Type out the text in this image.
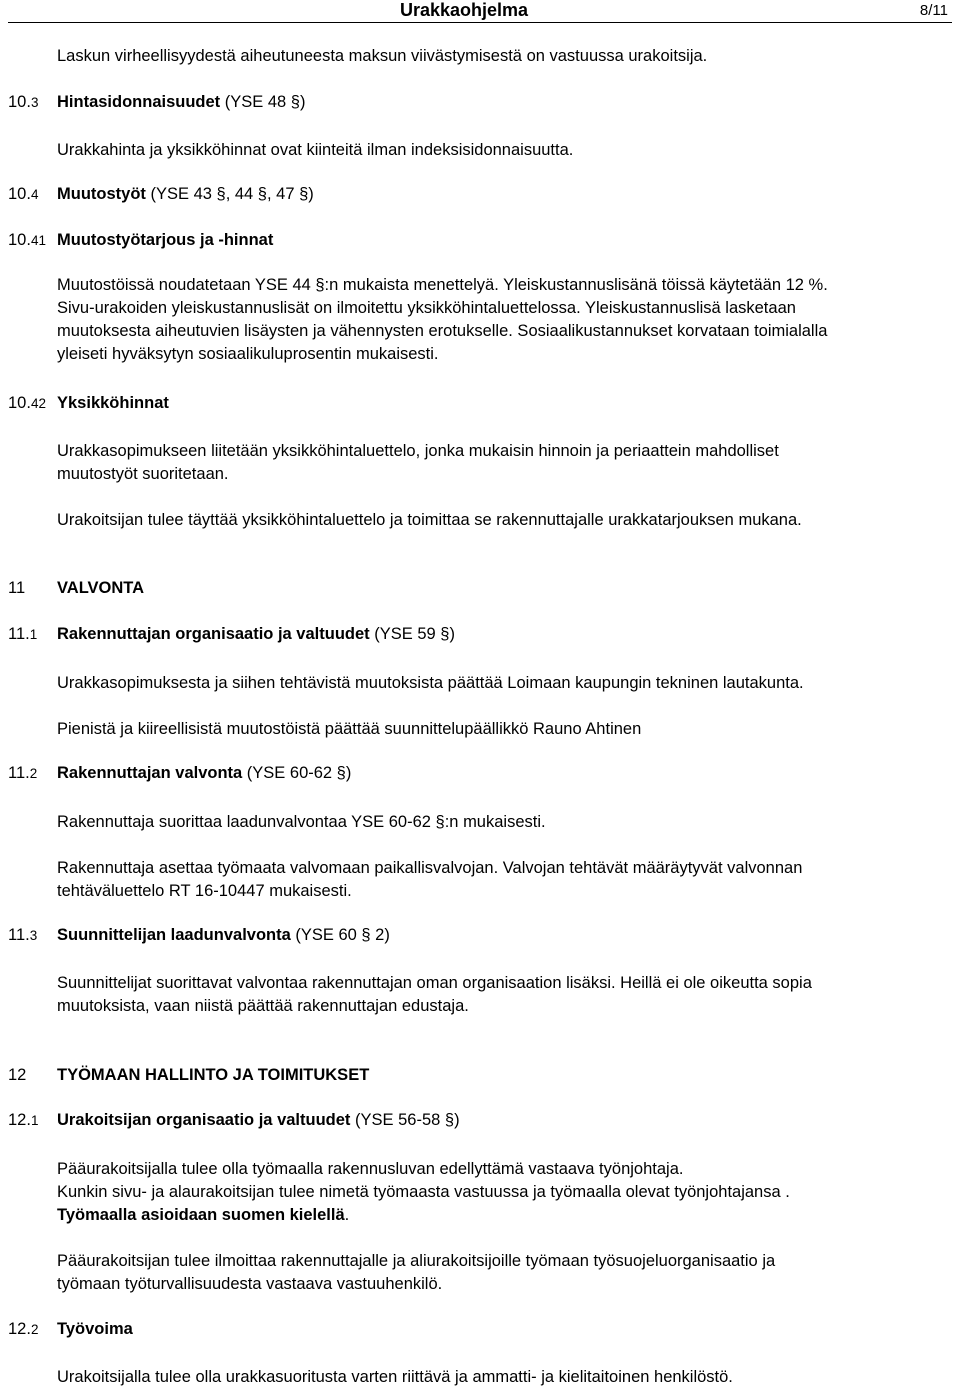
Urakkaohjelma	8/11
Laskun virheellisyydestä aiheutuneesta maksun viivästymisestä on vastuussa urakoitsija.
10.3 Hintasidonnaisuudet (YSE 48 §)
Urakkahinta ja yksikköhinnat ovat kiinteitä ilman indeksisidonnaisuutta.
10.4 Muutostyöt (YSE 43 §, 44 §, 47 §)
10.41 Muutostyötarjous ja -hinnat
Muutostöissä noudatetaan YSE 44 §:n mukaista menettelyä. Yleiskustannuslisänä töissä käytetään 12 %.
Sivu-urakoiden yleiskustannuslisät on ilmoitettu yksikköhintaluettelossa. Yleiskustannuslisä lasketaan
muutoksesta aiheutuvien lisäysten ja vähennysten erotukselle. Sosiaalikustannukset korvataan toimialalla
yleiseti hyväksytyn sosiaalikuluprosentin mukaisesti.
10.42 Yksikköhinnat
Urakkasopimukseen liitetään yksikköhintaluettelo, jonka mukaisin hinnoin ja periaattein mahdolliset
muutostyöt suoritetaan.
Urakoitsijan tulee täyttää yksikköhintaluettelo ja toimittaa se rakennuttajalle urakkatarjouksen mukana.
11 VALVONTA
11.1 Rakennuttajan organisaatio ja valtuudet (YSE 59 §)
Urakkasopimuksesta ja siihen tehtävistä muutoksista päättää Loimaan kaupungin tekninen lautakunta.
Pienistä ja kiireellisistä muutostöistä päättää suunnittelupäällikkö Rauno Ahtinen
11.2 Rakennuttajan valvonta (YSE 60-62 §)
Rakennuttaja suorittaa laadunvalvontaa YSE 60-62 §:n mukaisesti.
Rakennuttaja asettaa työmaata valvomaan paikallisvalvojan. Valvojan tehtävät määräytyvät valvonnan
tehtäväluettelo RT 16-10447 mukaisesti.
11.3 Suunnittelijan laadunvalvonta (YSE 60 § 2)
Suunnittelijat suorittavat valvontaa rakennuttajan oman organisaation lisäksi. Heillä ei ole oikeutta sopia
muutoksista, vaan niistä päättää rakennuttajan edustaja.
12 TYÖMAAN HALLINTO JA TOIMITUKSET
12.1 Urakoitsijan organisaatio ja valtuudet (YSE 56-58 §)
Pääurakoitsijalla tulee olla työmaalla rakennusluvan edellyttämä vastaava työnjohtaja.
Kunkin sivu- ja alaurakoitsijan tulee nimetä työmaasta vastuussa ja työmaalla olevat työnjohtajansa .
Työmaalla asioidaan suomen kielellä.
Pääurakoitsijan tulee ilmoittaa rakennuttajalle ja aliurakoitsijoille työmaan työsuojeluorganisaatio ja
työmaan työturvallisuudesta vastaava vastuuhenkilö.
12.2 Työvoima
Urakoitsijalla tulee olla urakkasuoritusta varten riittävä ja ammatti- ja kielitaitoinen henkilöstö.
